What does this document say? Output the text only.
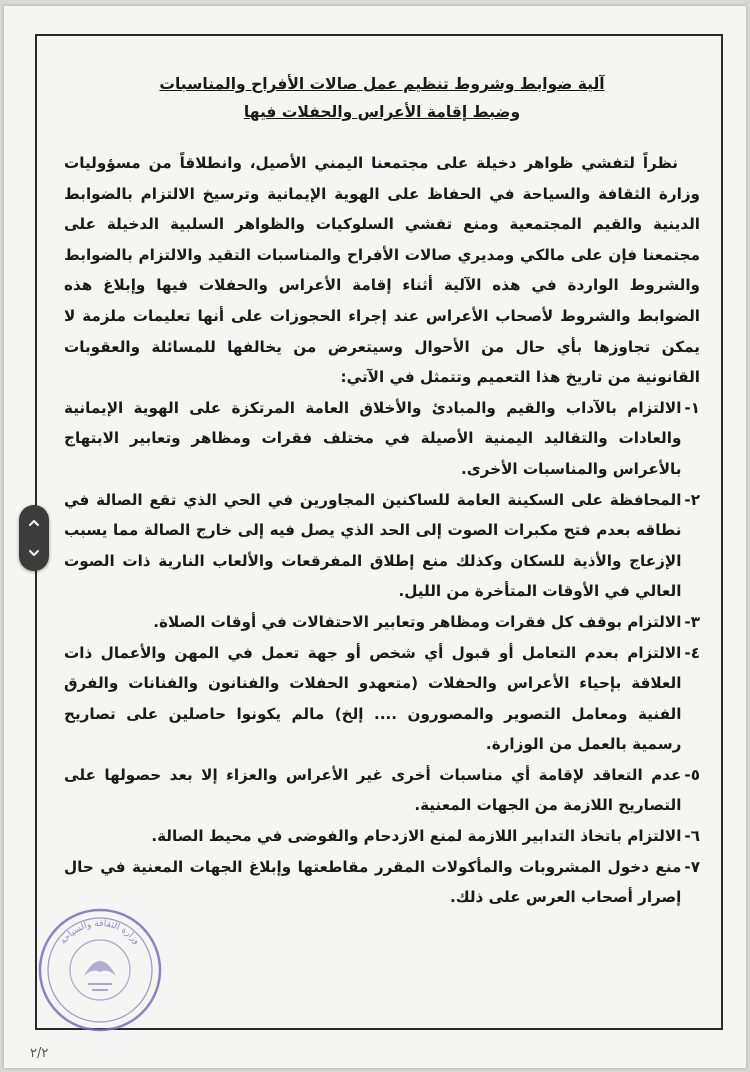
آلية ضوابط وشروط تنظيم عمل صالات الأفراح والمناسبات

وضبط إقامة الأعراس والحفلات فيها

نظراً لتفشي ظواهر دخيلة على مجتمعنا اليمني الأصيل، وانطلاقاً من مسؤوليات وزارة الثقافة والسياحة في الحفاظ على الهوية الإيمانية وترسيخ الالتزام بالضوابط الدينية والقيم المجتمعية ومنع تفشي السلوكيات والظواهر السلبية الدخيلة على مجتمعنا فإن على مالكي ومديري صالات الأفراح والمناسبات التقيد والالتزام بالضوابط والشروط الواردة في هذه الآلية أثناء إقامة الأعراس والحفلات فيها وإبلاغ هذه الضوابط والشروط لأصحاب الأعراس عند إجراء الحجوزات على أنها تعليمات ملزمة لا يمكن تجاوزها بأي حال من الأحوال وسيتعرض من يخالفها للمسائلة والعقوبات القانونية من تاريخ هذا التعميم وتتمثل في الآتي:

١-
الالتزام بالآداب والقيم والمبادئ والأخلاق العامة المرتكزة على الهوية الإيمانية والعادات والتقاليد اليمنية الأصيلة في مختلف فقرات ومظاهر وتعابير الابتهاج بالأعراس والمناسبات الأخرى.
٢-
المحافظة على السكينة العامة للساكنين المجاورين في الحي الذي تقع الصالة في نطاقه بعدم فتح مكبرات الصوت إلى الحد الذي يصل فيه إلى خارج الصالة مما يسبب الإزعاج والأذية للسكان وكذلك منع إطلاق المفرقعات والألعاب النارية ذات الصوت العالي في الأوقات المتأخرة من الليل.
٣-
الالتزام بوقف كل فقرات ومظاهر وتعابير الاحتفالات في أوقات الصلاة.
٤-
الالتزام بعدم التعامل أو قبول أي شخص أو جهة تعمل في المهن والأعمال ذات العلاقة بإحياء الأعراس والحفلات (متعهدو الحفلات والفنانون والفنانات والفرق الفنية ومعامل التصوير والمصورون .... إلخ) مالم يكونوا حاصلين على تصاريح رسمية بالعمل من الوزارة.
٥-
عدم التعاقد لإقامة أي مناسبات أخرى غير الأعراس والعزاء إلا بعد حصولها على التصاريح اللازمة من الجهات المعنية.
٦-
الالتزام باتخاذ التدابير اللازمة لمنع الازدحام والفوضى في محيط الصالة.
٧-
منع دخول المشروبات والمأكولات المقرر مقاطعتها وإبلاغ الجهات المعنية في حال إصرار أصحاب العرس على ذلك.
وزارة الثقافة والسياحة
٢/٢
